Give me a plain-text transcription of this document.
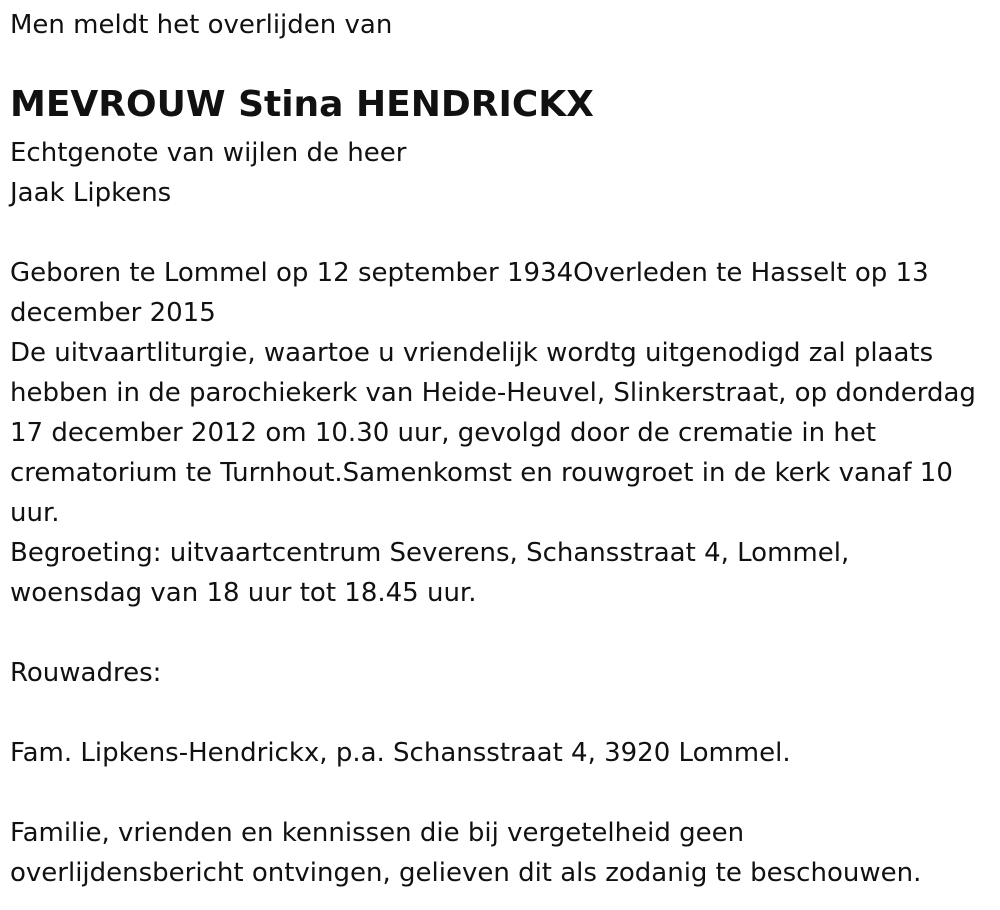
Men meldt het overlijden van

MEVROUW Stina HENDRICKX

Echtgenote van wijlen de heer

Jaak Lipkens

Geboren te Lommel op 12 september 1934Overleden te Hasselt op 13

december 2015

De uitvaartliturgie, waartoe u vriendelijk wordtg uitgenodigd zal plaats

hebben in de parochiekerk van Heide-Heuvel, Slinkerstraat, op donderdag

17 december 2012 om 10.30 uur, gevolgd door de crematie in het

crematorium te Turnhout.Samenkomst en rouwgroet in de kerk vanaf 10

uur.

Begroeting: uitvaartcentrum Severens, Schansstraat 4, Lommel,

woensdag van 18 uur tot 18.45 uur.

Rouwadres:

Fam. Lipkens-Hendrickx, p.a. Schansstraat 4, 3920 Lommel.

Familie, vrienden en kennissen die bij vergetelheid geen

overlijdensbericht ontvingen, gelieven dit als zodanig te beschouwen.
